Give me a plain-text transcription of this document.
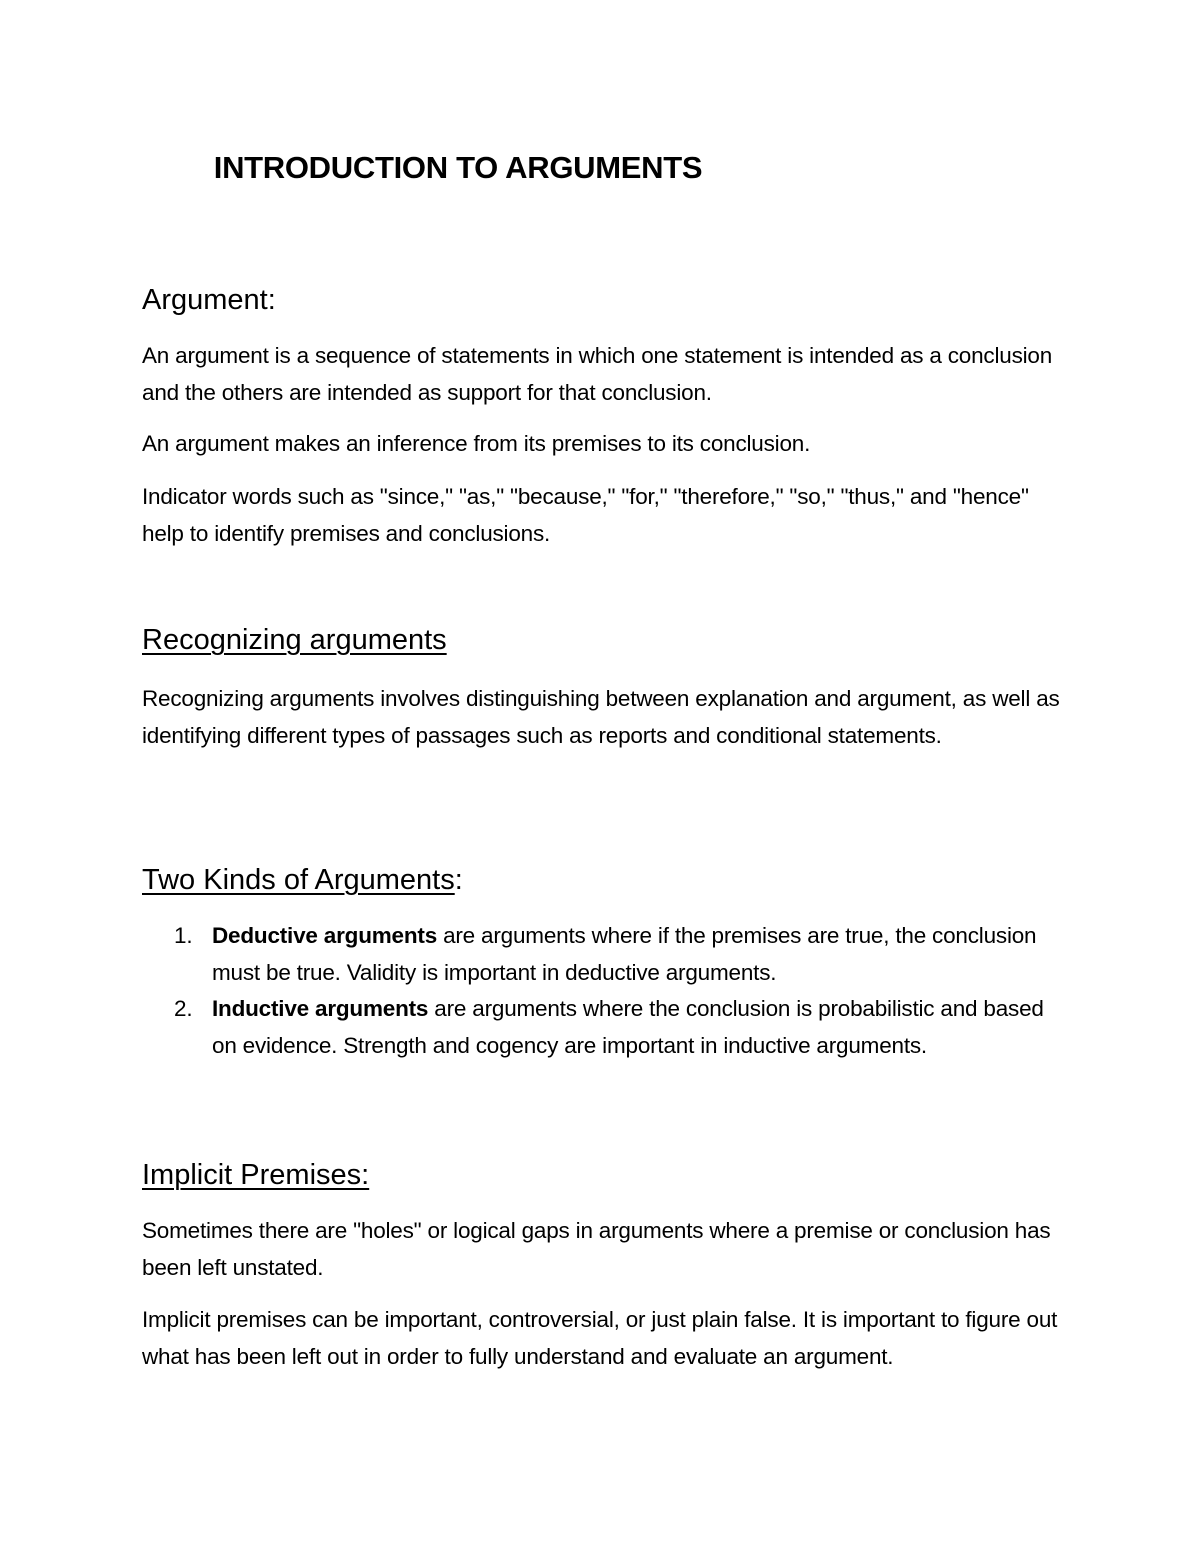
INTRODUCTION TO ARGUMENTS
Argument:

An argument is a sequence of statements in which one statement is intended as a conclusion and the others are intended as support for that conclusion.

An argument makes an inference from its premises to its conclusion.

Indicator words such as "since," "as," "because," "for," "therefore," "so," "thus," and "hence" help to identify premises and conclusions.

Recognizing arguments

Recognizing arguments involves distinguishing between explanation and argument, as well as identifying different types of passages such as reports and conditional statements.

Two Kinds of Arguments:
1. Deductive arguments are arguments where if the premises are true, the conclusion must be true. Validity is important in deductive arguments.
2. Inductive arguments are arguments where the conclusion is probabilistic and based on evidence. Strength and cogency are important in inductive arguments.
Implicit Premises:

Sometimes there are "holes" or logical gaps in arguments where a premise or conclusion has been left unstated.

Implicit premises can be important, controversial, or just plain false. It is important to figure out what has been left out in order to fully understand and evaluate an argument.
